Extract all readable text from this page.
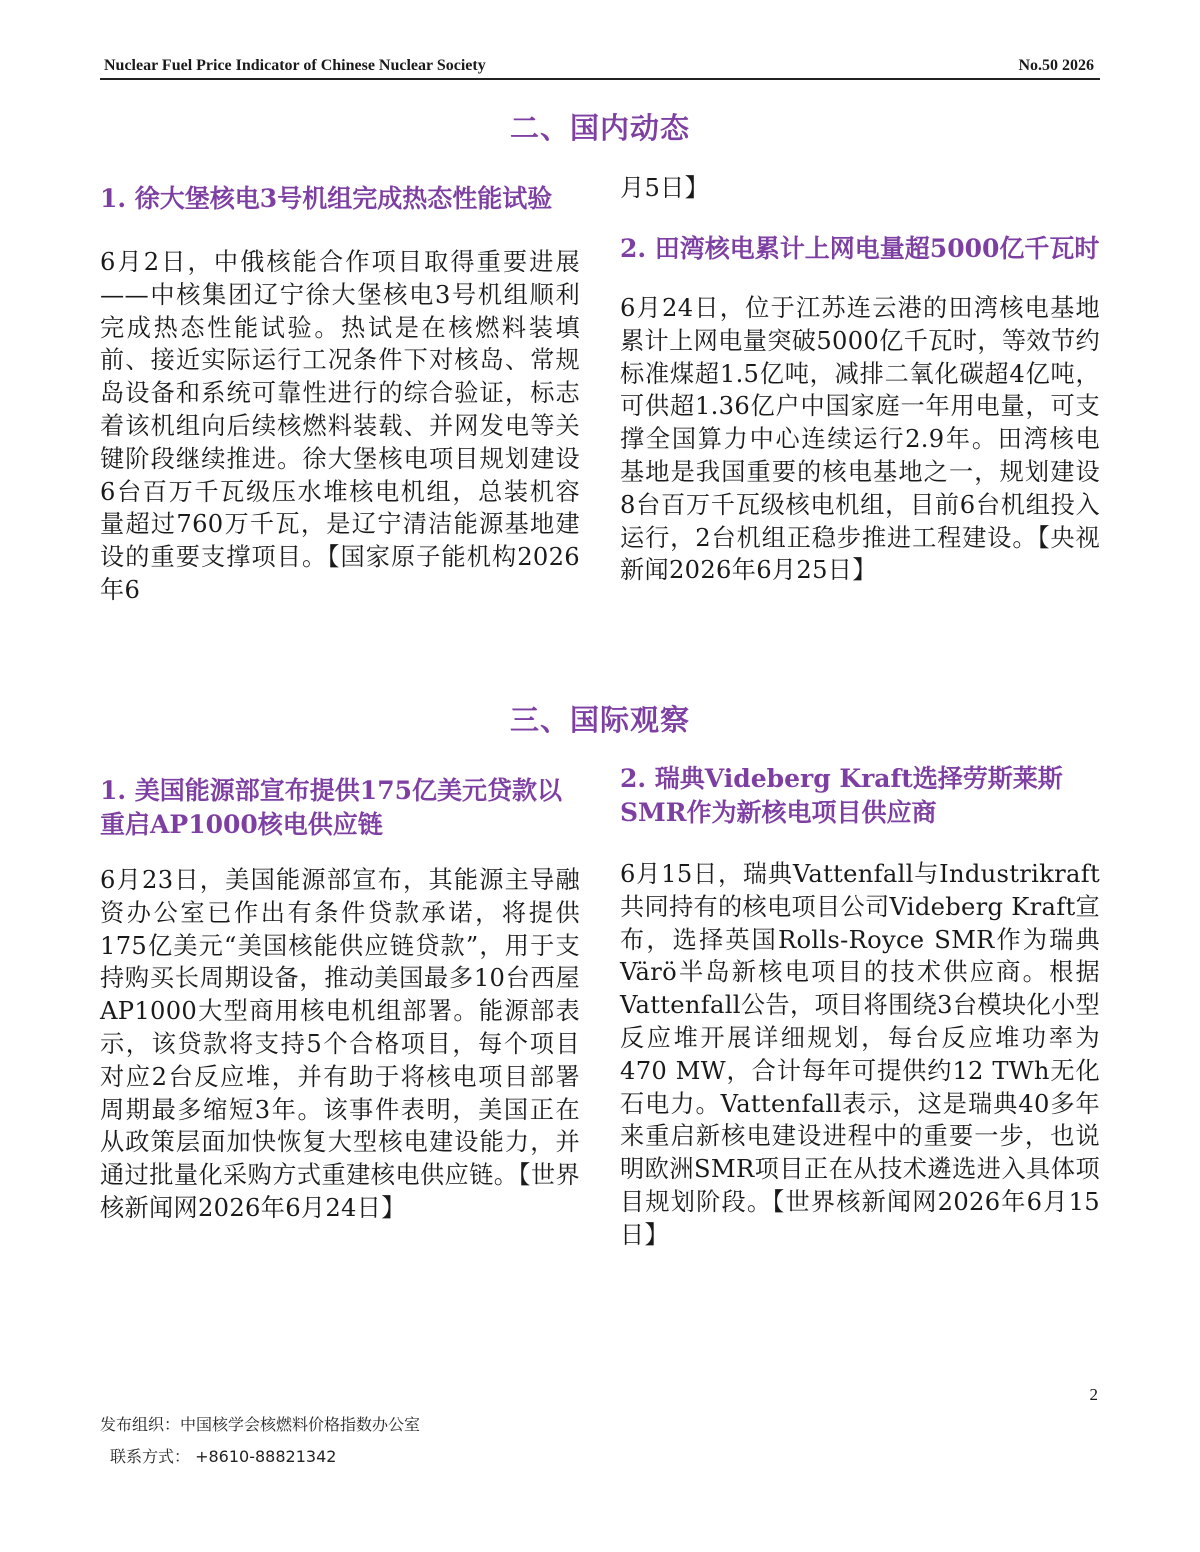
Nuclear Fuel Price Indicator of Chinese Nuclear Society	No.50 2026
二、国内动态
1. 徐大堡核电3号机组完成热态性能试验

6月2日，中俄核能合作项目取得重要进展——中核集团辽宁徐大堡核电3号机组顺利完成热态性能试验。热试是在核燃料装填前、接近实际运行工况条件下对核岛、常规岛设备和系统可靠性进行的综合验证，标志着该机组向后续核燃料装载、并网发电等关键阶段继续推进。徐大堡核电项目规划建设6台百万千瓦级压水堆核电机组，总装机容量超过760万千瓦，是辽宁清洁能源基地建设的重要支撑项目。【国家原子能机构2026年6

月5日】

2. 田湾核电累计上网电量超5000亿千瓦时

6月24日，位于江苏连云港的田湾核电基地累计上网电量突破5000亿千瓦时，等效节约标准煤超1.5亿吨，减排二氧化碳超4亿吨，可供超1.36亿户中国家庭一年用电量，可支撑全国算力中心连续运行2.9年。田湾核电基地是我国重要的核电基地之一，规划建设8台百万千瓦级核电机组，目前6台机组投入运行，2台机组正稳步推进工程建设。【央视新闻2026年6月25日】

三、国际观察
1. 美国能源部宣布提供175亿美元贷款以重启AP1000核电供应链

6月23日，美国能源部宣布，其能源主导融资办公室已作出有条件贷款承诺，将提供175亿美元“美国核能供应链贷款”，用于支持购买长周期设备，推动美国最多10台西屋AP1000大型商用核电机组部署。能源部表示，该贷款将支持5个合格项目，每个项目对应2台反应堆，并有助于将核电项目部署周期最多缩短3年。该事件表明，美国正在从政策层面加快恢复大型核电建设能力，并通过批量化采购方式重建核电供应链。【世界核新闻网2026年6月24日】

2. 瑞典Videberg Kraft选择劳斯莱斯SMR作为新核电项目供应商

6月15日，瑞典Vattenfall与Industrikraft共同持有的核电项目公司Videberg Kraft宣布，选择英国Rolls-Royce SMR作为瑞典Värö半岛新核电项目的技术供应商。根据Vattenfall公告，项目将围绕3台模块化小型反应堆开展详细规划，每台反应堆功率为470 MW，合计每年可提供约12 TWh无化石电力。Vattenfall表示，这是瑞典40多年来重启新核电建设进程中的重要一步，也说明欧洲SMR项目正在从技术遴选进入具体项目规划阶段。【世界核新闻网2026年6月15日】

2
发布组织：中国核学会核燃料价格指数办公室
联系方式： +8610-88821342
